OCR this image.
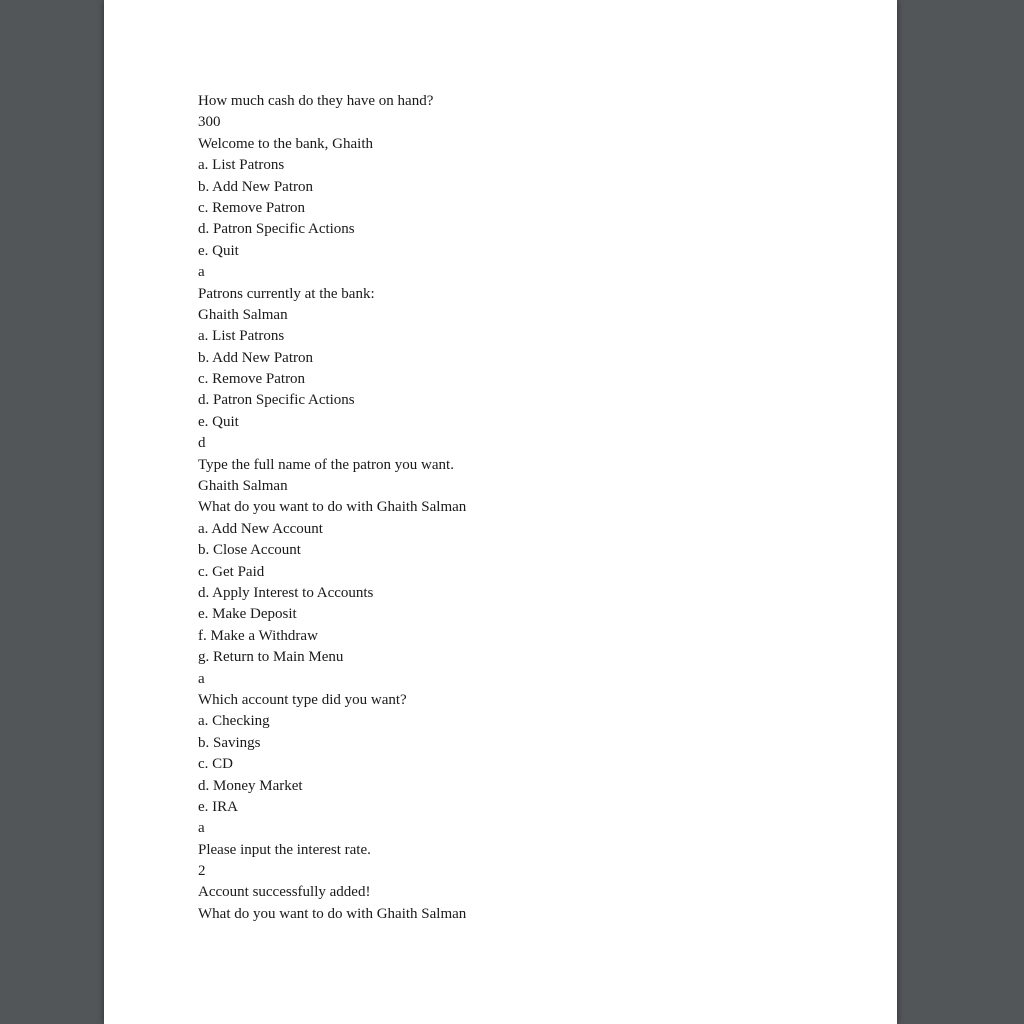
How much cash do they have on hand?
300
Welcome to the bank, Ghaith
a. List Patrons
b. Add New Patron
c. Remove Patron
d. Patron Specific Actions
e. Quit
a
Patrons currently at the bank:
Ghaith Salman
a. List Patrons
b. Add New Patron
c. Remove Patron
d. Patron Specific Actions
e. Quit
d
Type the full name of the patron you want.
Ghaith Salman
What do you want to do with Ghaith Salman
a. Add New Account
b. Close Account
c. Get Paid
d. Apply Interest to Accounts
e. Make Deposit
f. Make a Withdraw
g. Return to Main Menu
a
Which account type did you want?
a. Checking
b. Savings
c. CD
d. Money Market
e. IRA
a
Please input the interest rate.
2
Account successfully added!
What do you want to do with Ghaith Salman
